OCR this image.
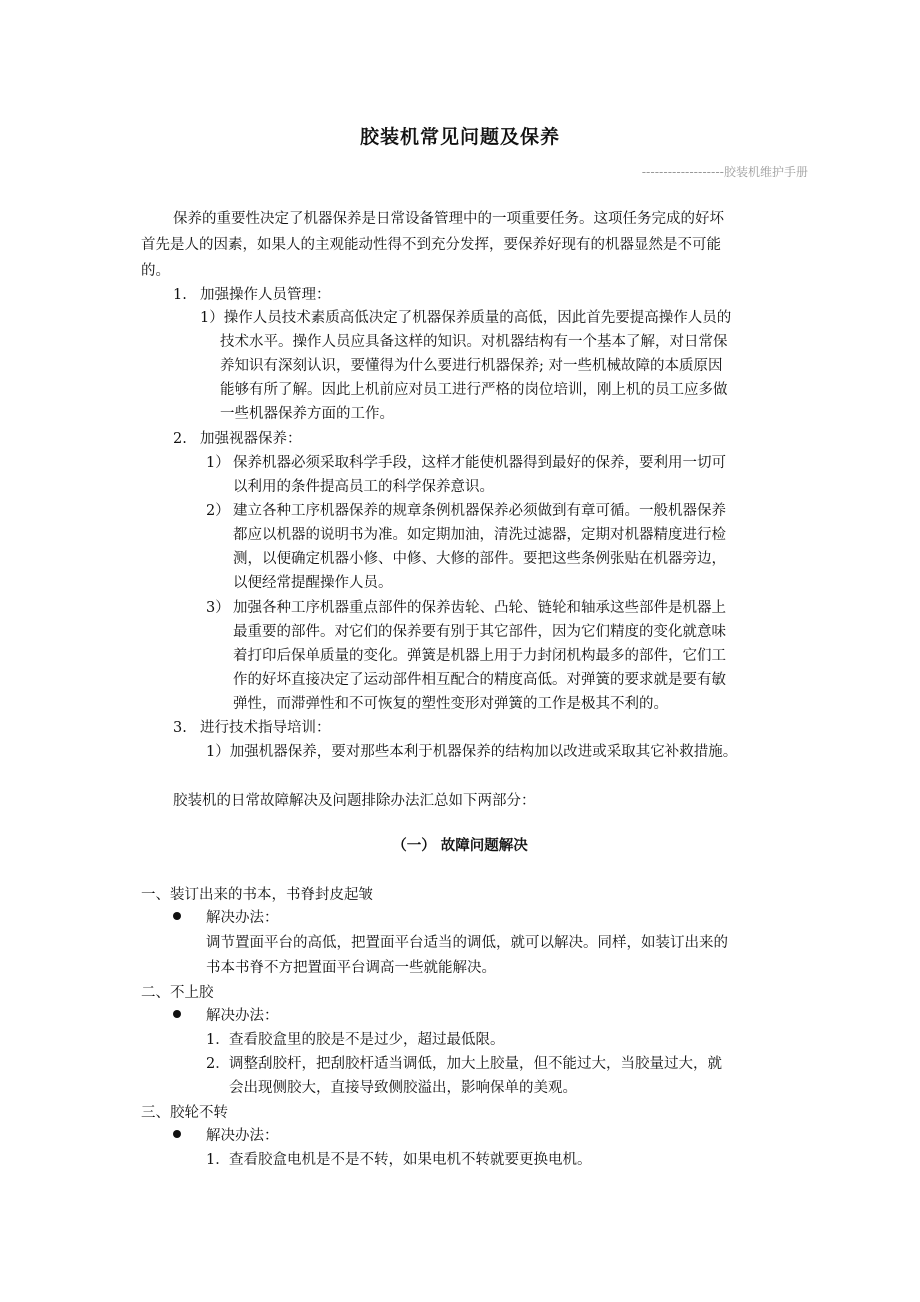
胶装机常见问题及保养
-------------------胶装机维护手册
保养的重要性决定了机器保养是日常设备管理中的一项重要任务。这项任务完成的好坏
首先是人的因素，如果人的主观能动性得不到充分发挥，要保养好现有的机器显然是不可能
的。
1. 加强操作人员管理：
1）操作人员技术素质高低决定了机器保养质量的高低，因此首先要提高操作人员的
技术水平。操作人员应具备这样的知识。对机器结构有一个基本了解，对日常保
养知识有深刻认识，要懂得为什么要进行机器保养; 对一些机械故障的本质原因
能够有所了解。因此上机前应对员工进行严格的岗位培训，刚上机的员工应多做
一些机器保养方面的工作。
2. 加强视器保养：
1） 保养机器必须采取科学手段，这样才能使机器得到最好的保养，要利用一切可
以利用的条件提高员工的科学保养意识。
2） 建立各种工序机器保养的规章条例机器保养必须做到有章可循。一般机器保养
都应以机器的说明书为准。如定期加油，清洗过滤器，定期对机器精度进行检
测，以便确定机器小修、中修、大修的部件。要把这些条例张贴在机器旁边，
以便经常提醒操作人员。
3） 加强各种工序机器重点部件的保养齿轮、凸轮、链轮和轴承这些部件是机器上
最重要的部件。对它们的保养要有别于其它部件，因为它们精度的变化就意味
着打印后保单质量的变化。弹簧是机器上用于力封闭机构最多的部件，它们工
作的好坏直接决定了运动部件相互配合的精度高低。对弹簧的要求就是要有敏
弹性，而滞弹性和不可恢复的塑性变形对弹簧的工作是极其不利的。
3. 进行技术指导培训：
1）加强机器保养，要对那些本利于机器保养的结构加以改进或采取其它补救措施。
胶装机的日常故障解决及问题排除办法汇总如下两部分：
（一） 故障问题解决
一、装订出来的书本，书脊封皮起皱
解决办法：
调节置面平台的高低，把置面平台适当的调低，就可以解决。同样，如装订出来的
书本书脊不方把置面平台调高一些就能解决。
二、不上胶
解决办法：
1． 查看胶盒里的胶是不是过少，超过最低限。
2． 调整刮胶杆，把刮胶杆适当调低，加大上胶量，但不能过大，当胶量过大，就
会出现侧胶大，直接导致侧胶溢出，影响保单的美观。
三、胶轮不转
解决办法：
1． 查看胶盒电机是不是不转，如果电机不转就要更换电机。
